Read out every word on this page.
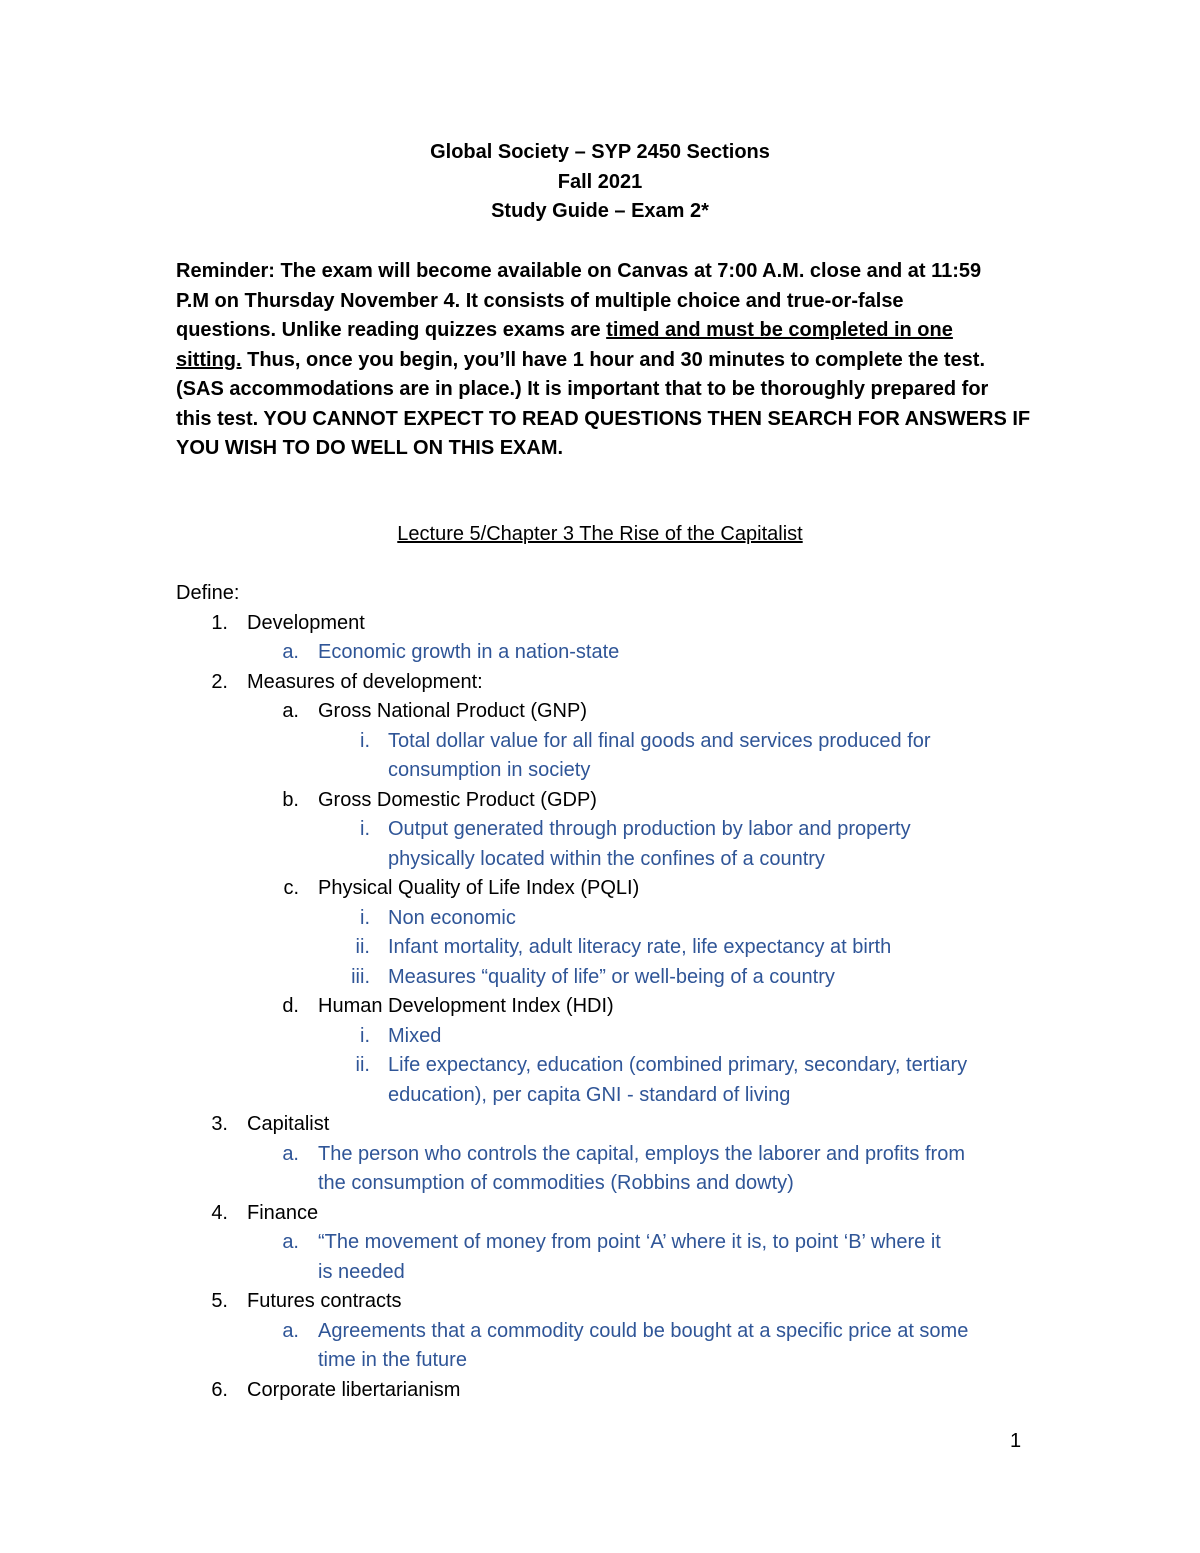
Global Society – SYP 2450 Sections
Fall 2021
Study Guide – Exam 2*
Reminder: The exam will become available on Canvas at 7:00 A.M. close and at 11:59
P.M on Thursday November 4. It consists of multiple choice and true-or-false
questions. Unlike reading quizzes exams are timed and must be completed in one
sitting. Thus, once you begin, you’ll have 1 hour and 30 minutes to complete the test.
(SAS accommodations are in place.) It is important that to be thoroughly prepared for
this test. YOU CANNOT EXPECT TO READ QUESTIONS THEN SEARCH FOR ANSWERS IF
YOU WISH TO DO WELL ON THIS EXAM.
Lecture 5/Chapter 3 The Rise of the Capitalist
Define:
Development
1.
Economic growth in a nation-state
a.
Measures of development:
2.
Gross National Product (GNP)
a.
Total dollar value for all final goods and services produced for
i.
consumption in society
Gross Domestic Product (GDP)
b.
Output generated through production by labor and property
i.
physically located within the confines of a country
Physical Quality of Life Index (PQLI)
c.
Non economic
i.
Infant mortality, adult literacy rate, life expectancy at birth
ii.
Measures “quality of life” or well-being of a country
iii.
Human Development Index (HDI)
d.
Mixed
i.
Life expectancy, education (combined primary, secondary, tertiary
ii.
education), per capita GNI - standard of living
Capitalist
3.
The person who controls the capital, employs the laborer and profits from
a.
the consumption of commodities (Robbins and dowty)
Finance
4.
“The movement of money from point ‘A’ where it is, to point ‘B’ where it
a.
is needed
Futures contracts
5.
Agreements that a commodity could be bought at a specific price at some
a.
time in the future
Corporate libertarianism
6.
1
